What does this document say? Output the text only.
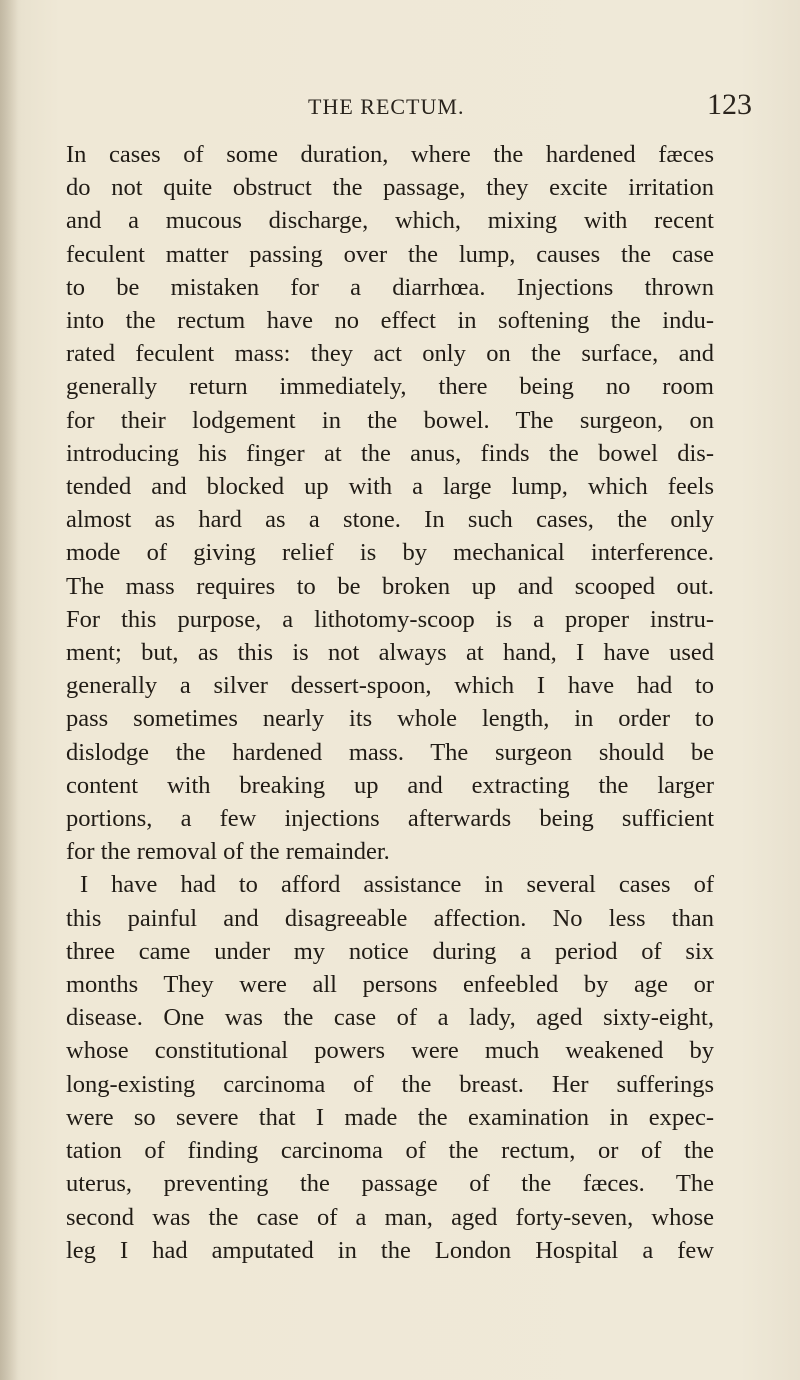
THE RECTUM.	123
In cases of some duration, where the hardened fæces
do not quite obstruct the passage, they excite irritation
and a mucous discharge, which, mixing with recent
feculent matter passing over the lump, causes the case
to be mistaken for a diarrhœa. Injections thrown
into the rectum have no effect in softening the indu-
rated feculent mass: they act only on the surface, and
generally return immediately, there being no room
for their lodgement in the bowel. The surgeon, on
introducing his finger at the anus, finds the bowel dis-
tended and blocked up with a large lump, which feels
almost as hard as a stone. In such cases, the only
mode of giving relief is by mechanical interference.
The mass requires to be broken up and scooped out.
For this purpose, a lithotomy-scoop is a proper instru-
ment; but, as this is not always at hand, I have used
generally a silver dessert-spoon, which I have had to
pass sometimes nearly its whole length, in order to
dislodge the hardened mass. The surgeon should be
content with breaking up and extracting the larger
portions, a few injections afterwards being sufficient
for the removal of the remainder.
I have had to afford assistance in several cases of
this painful and disagreeable affection. No less than
three came under my notice during a period of six
months They were all persons enfeebled by age or
disease. One was the case of a lady, aged sixty-eight,
whose constitutional powers were much weakened by
long-existing carcinoma of the breast. Her sufferings
were so severe that I made the examination in expec-
tation of finding carcinoma of the rectum, or of the
uterus, preventing the passage of the fæces. The
second was the case of a man, aged forty-seven, whose
leg I had amputated in the London Hospital a few
